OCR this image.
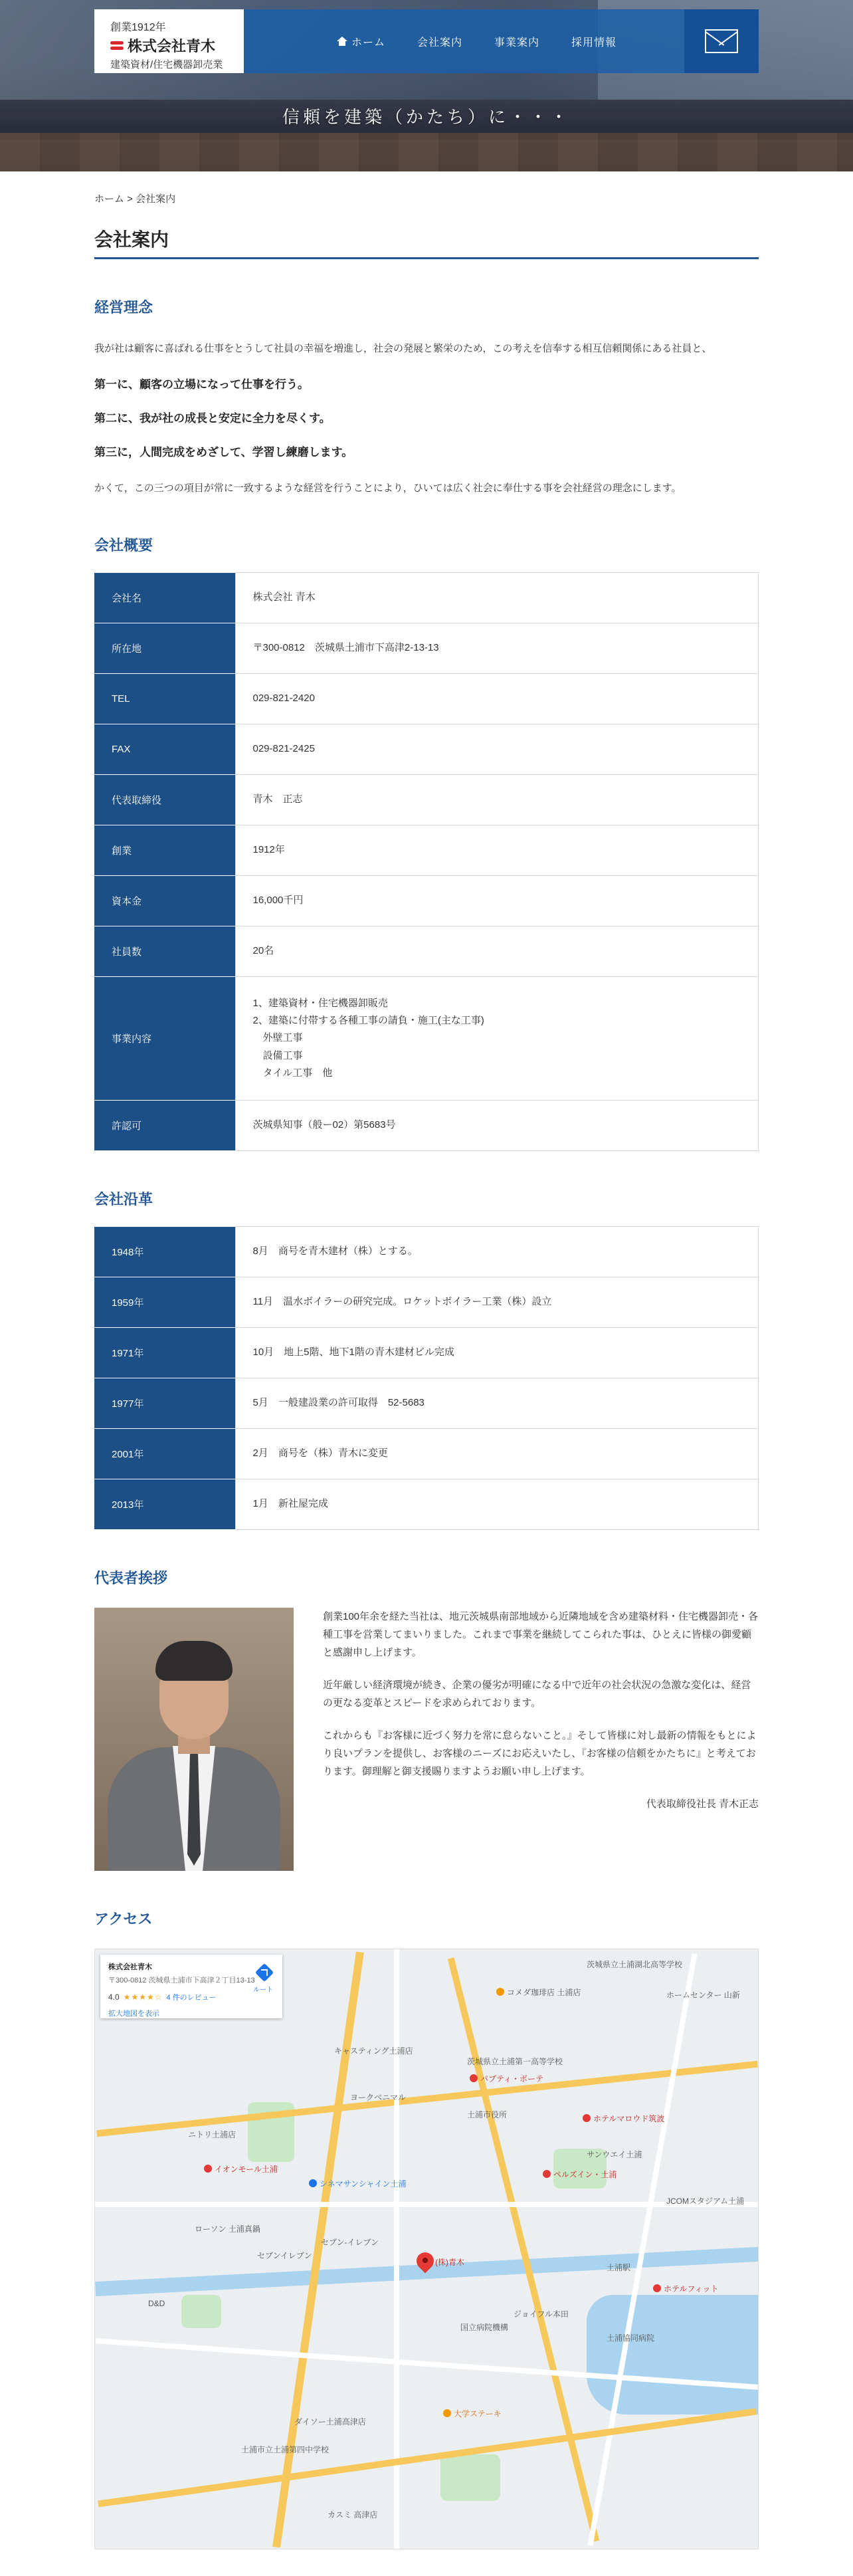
創業1912年
株式会社青木
建築資材/住宅機器卸売業
ホーム	会社案内	事業案内	採用情報
信頼を建築（かたち）に・・・
ホーム > 会社案内
会社案内
経営理念

我が社は顧客に喜ばれる仕事をとうして社員の幸福を増進し，社会の発展と繁栄のため，この考えを信奉する相互信頼関係にある社員と、

第一に、顧客の立場になって仕事を行う。

第二に、我が社の成長と安定に全力を尽くす。

第三に，人間完成をめざして、学習し練磨します。

かくて，この三つの項目が常に一致するような経営を行うことにより，ひいては広く社会に奉仕する事を会社経営の理念にします。

会社概要
会社名	株式会社 青木
所在地	〒300-0812　茨城県土浦市下高津2-13-13
TEL	029-821-2420
FAX	029-821-2425
代表取締役	青木　正志
創業	1912年
資本金	16,000千円
社員数	20名
事業内容	1、建築資材・住宅機器卸販売
2、建築に付帯する各種工事の請負・施工(主な工事)
　外壁工事
　設備工事
　タイル工事　他

許認可	茨城県知事（般ー02）第5683号
会社沿革
1948年	8月　商号を青木建材（株）とする。
1959年	11月　温水ボイラーの研究完成。ロケットボイラー工業（株）設立
1971年	10月　地上5階、地下1階の青木建材ビル完成
1977年	5月　一般建設業の許可取得　52-5683
2001年	2月　商号を（株）青木に変更
2013年	1月　新社屋完成
代表者挨拶

創業100年余を経た当社は、地元茨城県南部地域から近隣地域を含め建築材料・住宅機器卸売・各種工事を営業してまいりました。これまで事業を継続してこられた事は、ひとえに皆様の御愛顧と感謝申し上げます。

近年厳しい経済環境が続き、企業の優劣が明確になる中で近年の社会状況の急激な変化は、経営の更なる変革とスピードを求められております。

これからも『お客様に近づく努力を常に怠らないこと。』そして皆様に対し最新の情報をもとにより良いプランを提供し、お客様のニーズにお応えいたし、『お客様の信頼をかたちに』と考えております。御理解と御支援賜りますようお願い申し上げます。

代表取締役社長 青木正志
アクセス
コメダ珈琲店 土浦店
茨城県立土浦第一高等学校
パブティ・ボーテ
サンウエイ土浦
ホテルマロウド筑波
イオンモール土浦
シネマサンシャイン土浦
ペルズイン・土浦
ローソン 土浦真鍋
セブン-イレブン
ヨークベニマル
ニトリ土浦店
キャスティング土浦店
土浦市役所
カスミ 高津店
(株)青木
大学ステーキ
土浦市立土浦第四中学校
ダイソー土浦高津店
セブンイレブン
JCOMスタジアム土浦
ホテルフィット
D&D
土浦駅
国立病院機構
ジョイフル本田
土浦協同病院
茨城県立土浦湖北高等学校
ホームセンター 山新
株式会社青木
〒300-0812 茨城県土浦市下高津２丁目13-13
4.0 ★★★★☆ 4 件のレビュー
拡大地図を表示
ルート
